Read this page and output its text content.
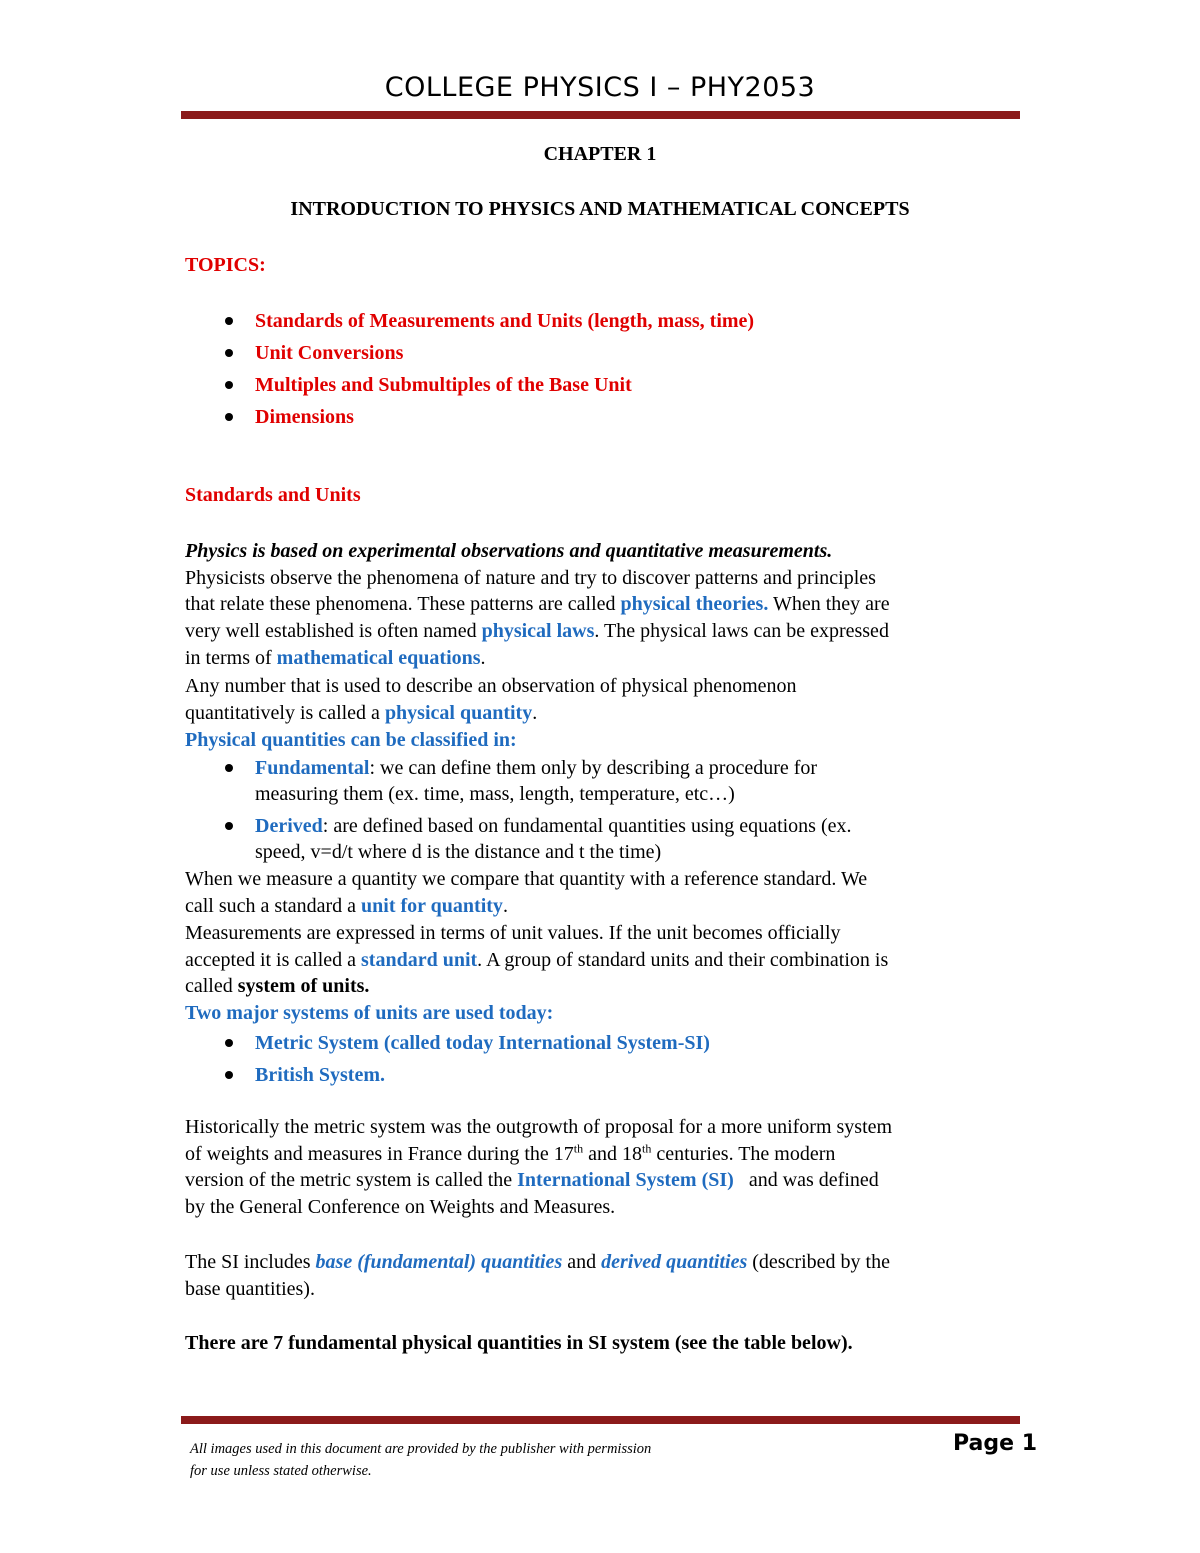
COLLEGE PHYSICS I – PHY2053
CHAPTER 1
INTRODUCTION TO PHYSICS AND MATHEMATICAL CONCEPTS
TOPICS:
Standards of Measurements and Units (length, mass, time)
Unit Conversions
Multiples and Submultiples of the Base Unit
Dimensions
Standards and Units
Physics is based on experimental observations and quantitative measurements.
Physicists observe the phenomena of nature and try to discover patterns and principles
that relate these phenomena. These patterns are called physical theories. When they are
very well established is often named physical laws. The physical laws can be expressed
in terms of mathematical equations.
Any number that is used to describe an observation of physical phenomenon
quantitatively is called a physical quantity.
Physical quantities can be classified in:
Fundamental: we can define them only by describing a procedure for
measuring them (ex. time, mass, length, temperature, etc…)
Derived: are defined based on fundamental quantities using equations (ex.
speed, v=d/t where d is the distance and t the time)
When we measure a quantity we compare that quantity with a reference standard. We
call such a standard a unit for quantity.
Measurements are expressed in terms of unit values. If the unit becomes officially
accepted it is called a standard unit. A group of standard units and their combination is
called system of units.
Two major systems of units are used today:
Metric System (called today International System-SI)
British System.
Historically the metric system was the outgrowth of proposal for a more uniform system
of weights and measures in France during the 17th and 18th centuries. The modern
version of the metric system is called the International System (SI)   and was defined
by the General Conference on Weights and Measures.
The SI includes base (fundamental) quantities and derived quantities (described by the
base quantities).
There are 7 fundamental physical quantities in SI system (see the table below).
All images used in this document are provided by the publisher with permission
for use unless stated otherwise.
Page 1
